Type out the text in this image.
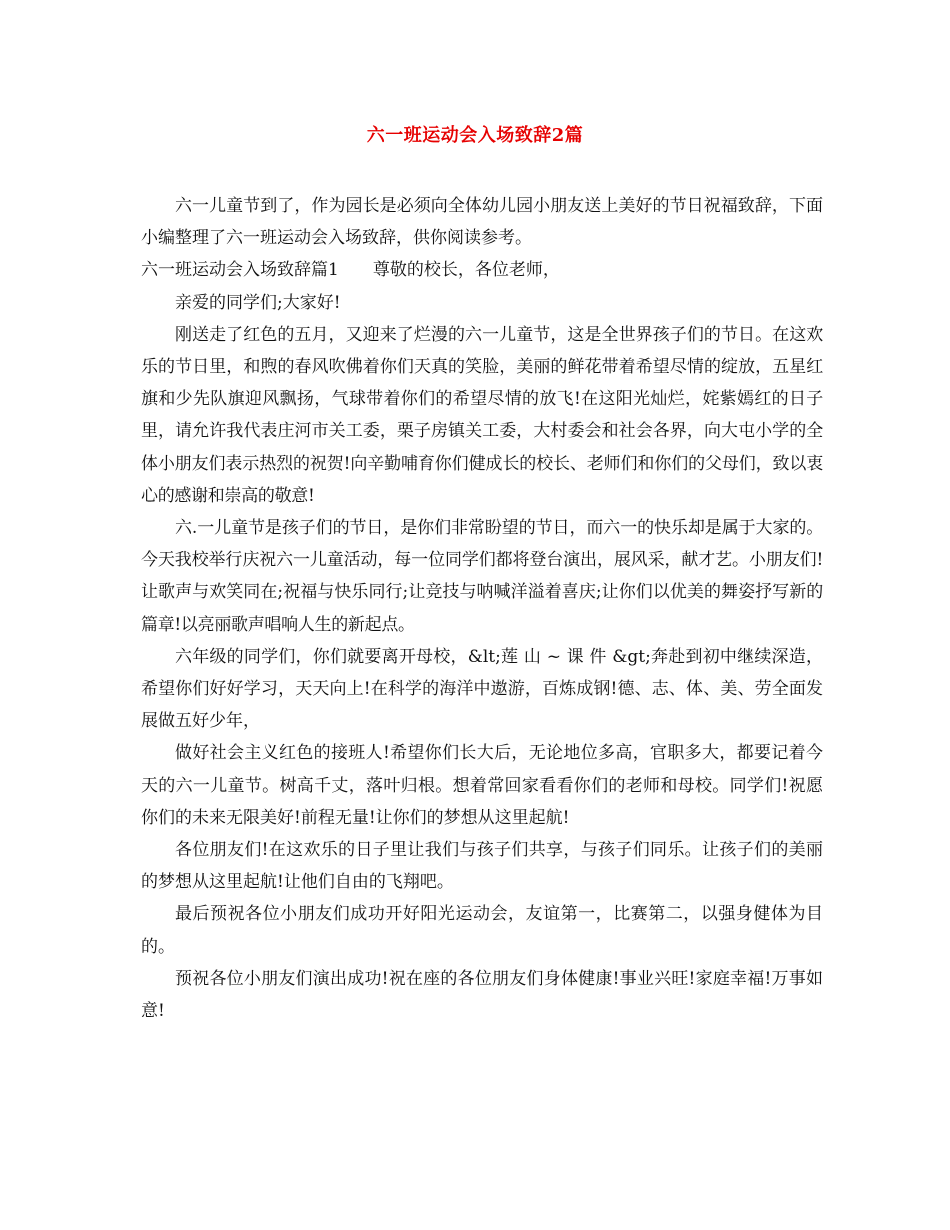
六一班运动会入场致辞2篇

六一儿童节到了，作为园长是必须向全体幼儿园小朋友送上美好的节日祝福致辞，下面小编整理了六一班运动会入场致辞，供你阅读参考。

六一班运动会入场致辞篇1　　尊敬的校长，各位老师，

亲爱的同学们;大家好!

刚送走了红色的五月，又迎来了烂漫的六一儿童节，这是全世界孩子们的节日。在这欢乐的节日里，和煦的春风吹佛着你们天真的笑脸，美丽的鲜花带着希望尽情的绽放，五星红旗和少先队旗迎风飘扬，气球带着你们的希望尽情的放飞!在这阳光灿烂，姹紫嫣红的日子里，请允许我代表庄河市关工委，栗子房镇关工委，大村委会和社会各界，向大屯小学的全体小朋友们表示热烈的祝贺!向辛勤哺育你们健成长的校长、老师们和你们的父母们，致以衷心的感谢和崇高的敬意!

六.一儿童节是孩子们的节日，是你们非常盼望的节日，而六一的快乐却是属于大家的。今天我校举行庆祝六一儿童活动，每一位同学们都将登台演出，展风采，献才艺。小朋友们!让歌声与欢笑同在;祝福与快乐同行;让竞技与呐喊洋溢着喜庆;让你们以优美的舞姿抒写新的篇章!以亮丽歌声唱响人生的新起点。

六年级的同学们，你们就要离开母校，&lt;莲 山 ~ 课 件 &gt;奔赴到初中继续深造，希望你们好好学习，天天向上!在科学的海洋中遨游，百炼成钢!德、志、体、美、劳全面发展做五好少年，

做好社会主义红色的接班人!希望你们长大后，无论地位多高，官职多大，都要记着今天的六一儿童节。树高千丈，落叶归根。想着常回家看看你们的老师和母校。同学们!祝愿你们的未来无限美好!前程无量!让你们的梦想从这里起航!

各位朋友们!在这欢乐的日子里让我们与孩子们共享，与孩子们同乐。让孩子们的美丽的梦想从这里起航!让他们自由的飞翔吧。

最后预祝各位小朋友们成功开好阳光运动会，友谊第一，比赛第二，以强身健体为目的。

预祝各位小朋友们演出成功!祝在座的各位朋友们身体健康!事业兴旺!家庭幸福!万事如意!
